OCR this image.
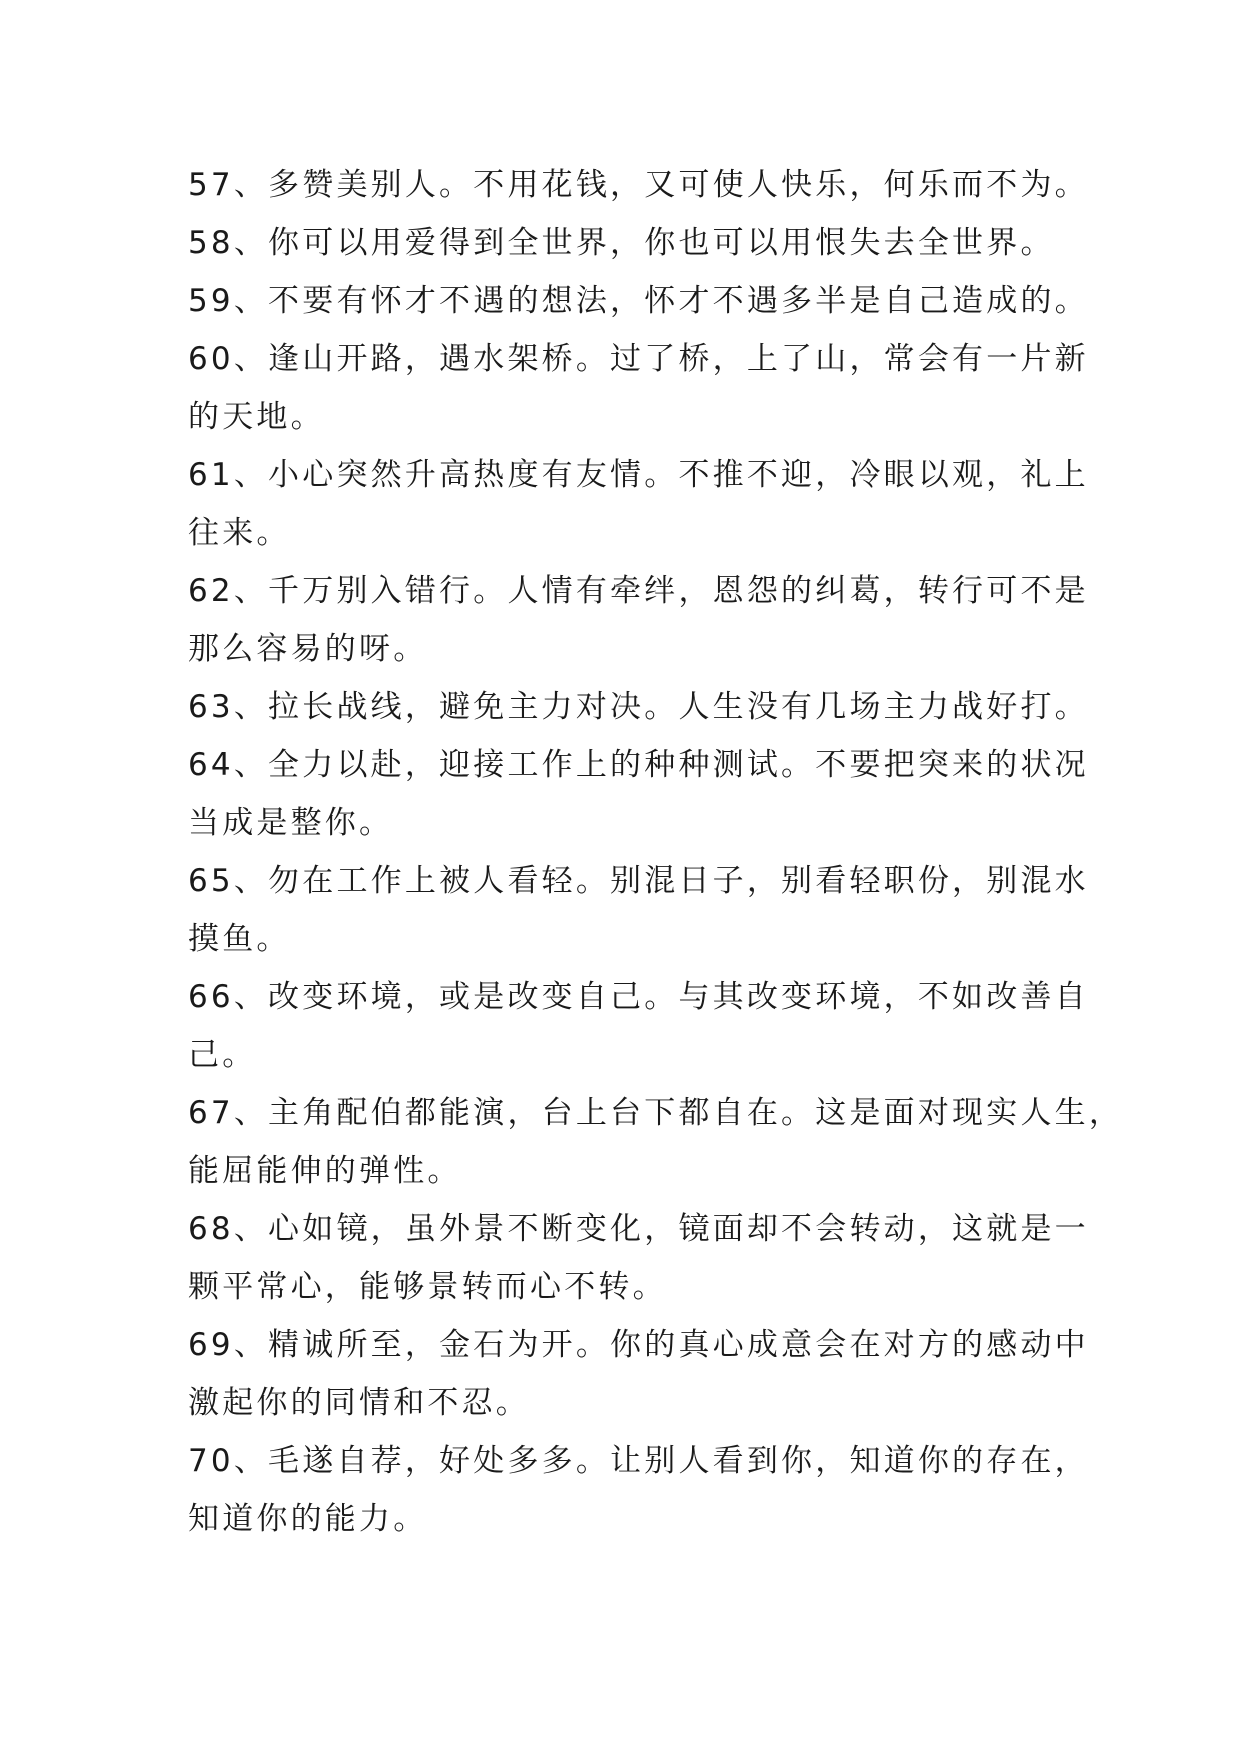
57、多赞美别人。不用花钱，又可使人快乐，何乐而不为。
58、你可以用爱得到全世界，你也可以用恨失去全世界。
59、不要有怀才不遇的想法，怀才不遇多半是自己造成的。
60、逢山开路，遇水架桥。过了桥，上了山，常会有一片新
的天地。
61、小心突然升高热度有友情。不推不迎，冷眼以观，礼上
往来。
62、千万别入错行。人情有牵绊，恩怨的纠葛，转行可不是
那么容易的呀。
63、拉长战线，避免主力对决。人生没有几场主力战好打。
64、全力以赴，迎接工作上的种种测试。不要把突来的状况
当成是整你。
65、勿在工作上被人看轻。别混日子，别看轻职份，别混水
摸鱼。
66、改变环境，或是改变自己。与其改变环境，不如改善自
己。
67、主角配伯都能演，台上台下都自在。这是面对现实人生，
能屈能伸的弹性。
68、心如镜，虽外景不断变化，镜面却不会转动，这就是一
颗平常心，能够景转而心不转。
69、精诚所至，金石为开。你的真心成意会在对方的感动中
激起你的同情和不忍。
70、毛遂自荐，好处多多。让别人看到你，知道你的存在，
知道你的能力。
